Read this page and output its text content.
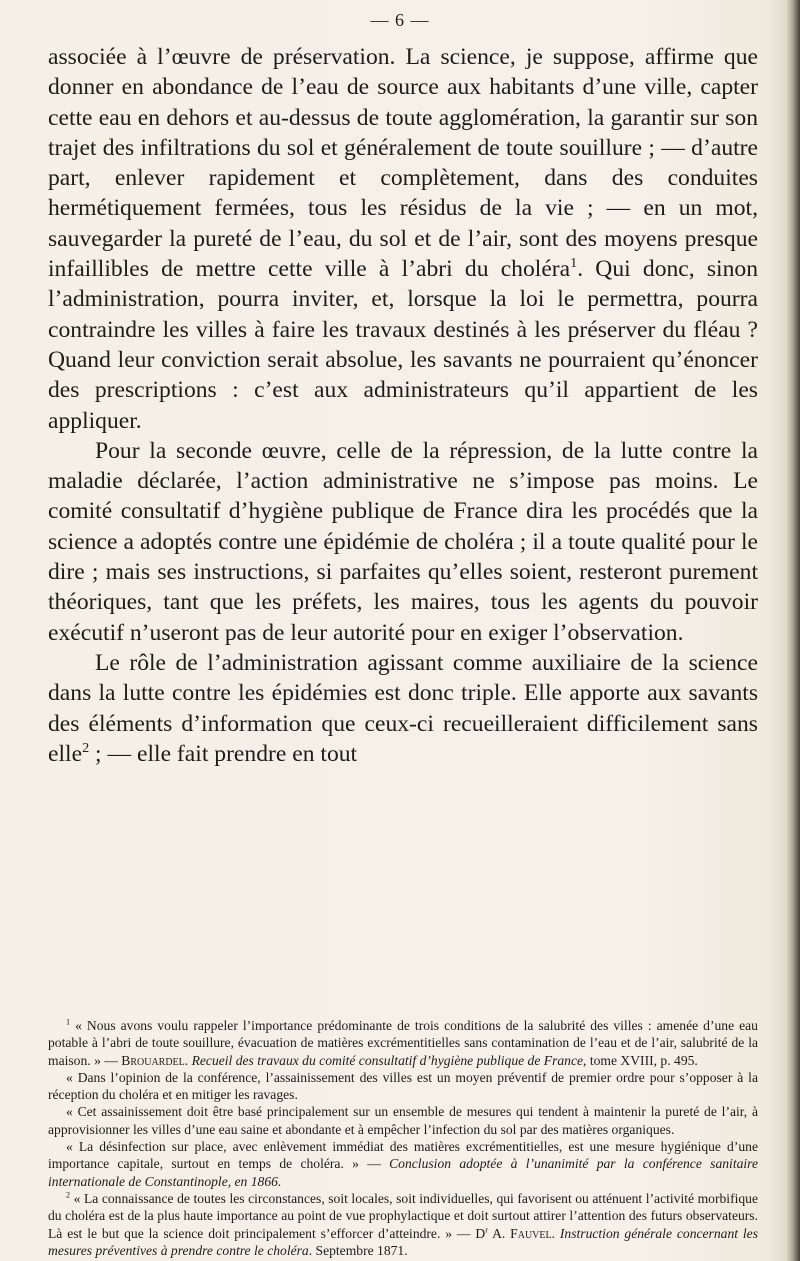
— 6 —

associée à l’œuvre de préservation. La science, je suppose, affirme que donner en abondance de l’eau de source aux habitants d’une ville, capter cette eau en dehors et au-dessus de toute agglomération, la garantir sur son trajet des infiltrations du sol et généralement de toute souillure ; — d’autre part, enlever rapidement et complètement, dans des conduites hermétiquement fermées, tous les résidus de la vie ; — en un mot, sauvegarder la pureté de l’eau, du sol et de l’air, sont des moyens presque infaillibles de mettre cette ville à l’abri du choléra$^1$. Qui donc, sinon l’administration, pourra inviter, et, lorsque la loi le permettra, pourra contraindre les villes à faire les travaux destinés à les préserver du fléau ? Quand leur conviction serait absolue, les savants ne pourraient qu’énoncer des prescriptions : c’est aux administrateurs qu’il appartient de les appliquer.

Pour la seconde œuvre, celle de la répression, de la lutte contre la maladie déclarée, l’action administrative ne s’impose pas moins. Le comité consultatif d’hygiène publique de France dira les procédés que la science a adoptés contre une épidémie de choléra ; il a toute qualité pour le dire ; mais ses instructions, si parfaites qu’elles soient, resteront purement théoriques, tant que les préfets, les maires, tous les agents du pouvoir exécutif n’useront pas de leur autorité pour en exiger l’observation.

Le rôle de l’administration agissant comme auxiliaire de la science dans la lutte contre les épidémies est donc triple. Elle apporte aux savants des éléments d’information que ceux-ci recueilleraient difficilement sans elle$^2$ ; — elle fait prendre en tout

$^1$ « Nous avons voulu rappeler l’importance prédominante de trois conditions de la salubrité des villes : amenée d’une eau potable à l’abri de toute souillure, évacuation de matières excrémentitielles sans contamination de l’eau et de l’air, salubrité de la maison. » — Brouardel. Recueil des travaux du comité consultatif d’hygiène publique de France, tome XVIII, p. 495.

« Dans l’opinion de la conférence, l’assainissement des villes est un moyen préventif de premier ordre pour s’opposer à la réception du choléra et en mitiger les ravages.

« Cet assainissement doit être basé principalement sur un ensemble de mesures qui tendent à maintenir la pureté de l’air, à approvisionner les villes d’une eau saine et abondante et à empêcher l’infection du sol par des matières organiques.

« La désinfection sur place, avec enlèvement immédiat des matières excrémentitielles, est une mesure hygiénique d’une importance capitale, surtout en temps de choléra. » — Conclusion adoptée à l’unanimité par la conférence sanitaire internationale de Constantinople, en 1866.

$^2$ « La connaissance de toutes les circonstances, soit locales, soit individuelles, qui favorisent ou atténuent l’activité morbifique du choléra est de la plus haute importance au point de vue prophylactique et doit surtout attirer l’attention des futurs observateurs. Là est le but que la science doit principalement s’efforcer d’atteindre. » — $D^r$ A. Fauvel. Instruction générale concernant les mesures préventives à prendre contre le choléra. Septembre 1871.
